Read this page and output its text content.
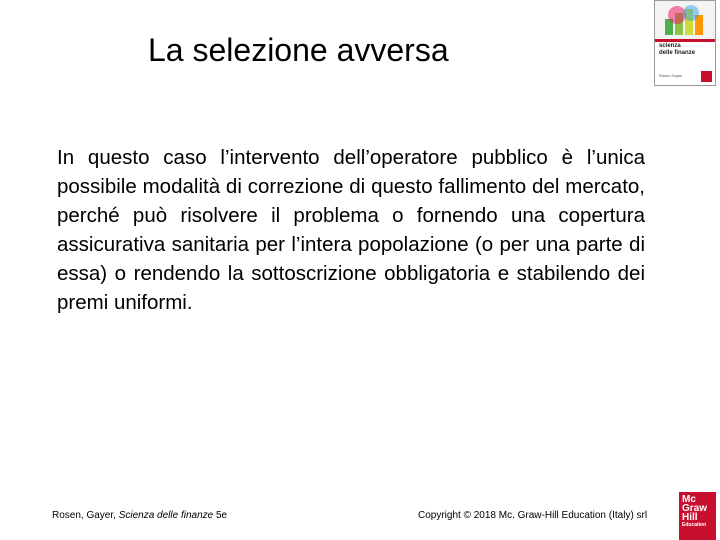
La selezione avversa

In questo caso l’intervento dell’operatore pubblico è l’unica possibile modalità di correzione di questo fallimento del mercato, perché può risolvere il problema o fornendo una copertura assicurativa sanitaria per l’intera popolazione (o per una parte di essa) o rendendo la sottoscrizione obbligatoria e stabilendo dei premi uniformi.

scienza
delle finanze
Rosen Gayer
Rosen, Gayer, Scienza delle finanze 5e	Copyright © 2018 Mc. Graw-Hill Education (Italy) srl
Mc
Graw
Hill
Education
